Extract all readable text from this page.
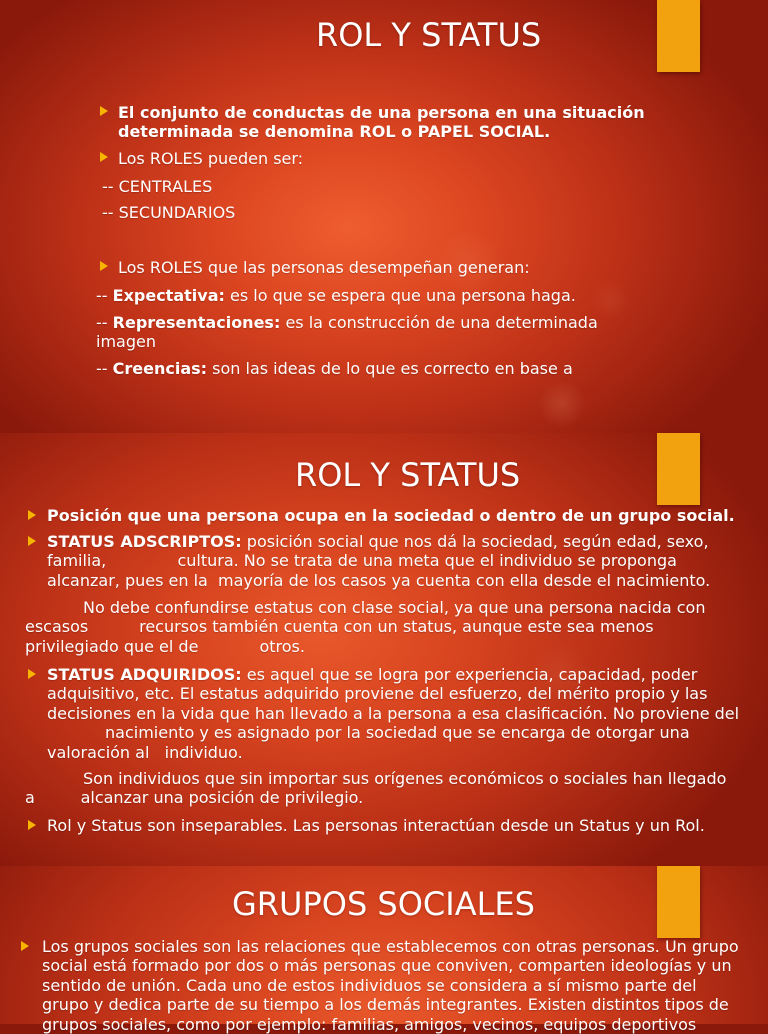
ROL Y STATUS
El conjunto de conductas de una persona en una situación
determinada se denomina ROL o PAPEL SOCIAL.
Los ROLES pueden ser:
-- CENTRALES
-- SECUNDARIOS
Los ROLES que las personas desempeñan generan:
-- Expectativa: es lo que se espera que una persona haga.
-- Representaciones: es la construcción de una determinada
imagen
-- Creencias: son las ideas de lo que es correcto en base a
ROL Y STATUS
Posición que una persona ocupa en la sociedad o dentro de un grupo social.
STATUS ADSCRIPTOS: posición social que nos dá la sociedad, según edad, sexo,
familia,              cultura. No se trata de una meta que el individuo se proponga
alcanzar, pues en la  mayoría de los casos ya cuenta con ella desde el nacimiento.
No debe confundirse estatus con clase social, ya que una persona nacida con
escasos          recursos también cuenta con un status, aunque este sea menos
privilegiado que el de            otros.
STATUS ADQUIRIDOS: es aquel que se logra por experiencia, capacidad, poder
adquisitivo, etc. El estatus adquirido proviene del esfuerzo, del mérito propio y las
decisiones en la vida que han llevado a la persona a esa clasificación. No proviene del
nacimiento y es asignado por la sociedad que se encarga de otorgar una
valoración al   individuo.
Son individuos que sin importar sus orígenes económicos o sociales han llegado
a         alcanzar una posición de privilegio.
Rol y Status son inseparables. Las personas interactúan desde un Status y un Rol.
GRUPOS SOCIALES
Los grupos sociales son las relaciones que establecemos con otras personas. Un grupo
social está formado por dos o más personas que conviven, comparten ideologías y un
sentido de unión. Cada uno de estos individuos se considera a sí mismo parte del
grupo y dedica parte de su tiempo a los demás integrantes. Existen distintos tipos de
grupos sociales, como por ejemplo: familias, amigos, vecinos, equipos deportivos
